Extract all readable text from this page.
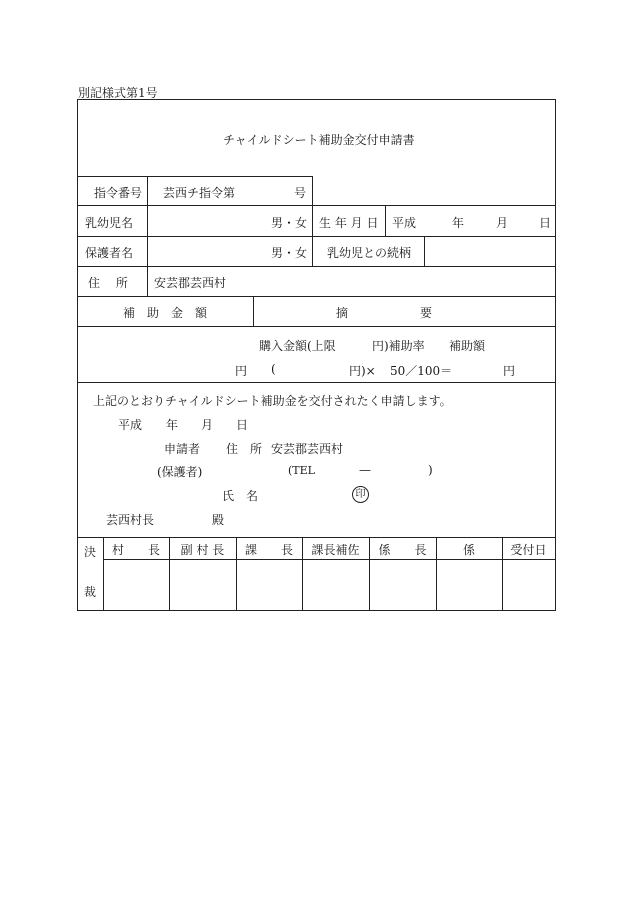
別記様式第1号
チャイルドシート補助金交付申請書
指令番号 芸西チ指令第	号
乳幼児名	男・女 生 年 月 日 平成	年	月	日
保護者名	男・女 乳幼児との続柄
住　 所 安芸郡芸西村
補　助　金　額	摘　　　　　　要
円
購入金額(上限	円)補助率 補助額
(	円)× 50／100＝	円
上記のとおりチャイルドシート補助金を交付されたく申請します。
平成 年 月 日
申請者 住　所 安芸郡芸西村
(保護者)	(TEL	—	)
氏　名	印
芸西村長	殿
決
裁
村　　長	副 村 長	課　　長	課長補佐	係　　長	係	受付日
